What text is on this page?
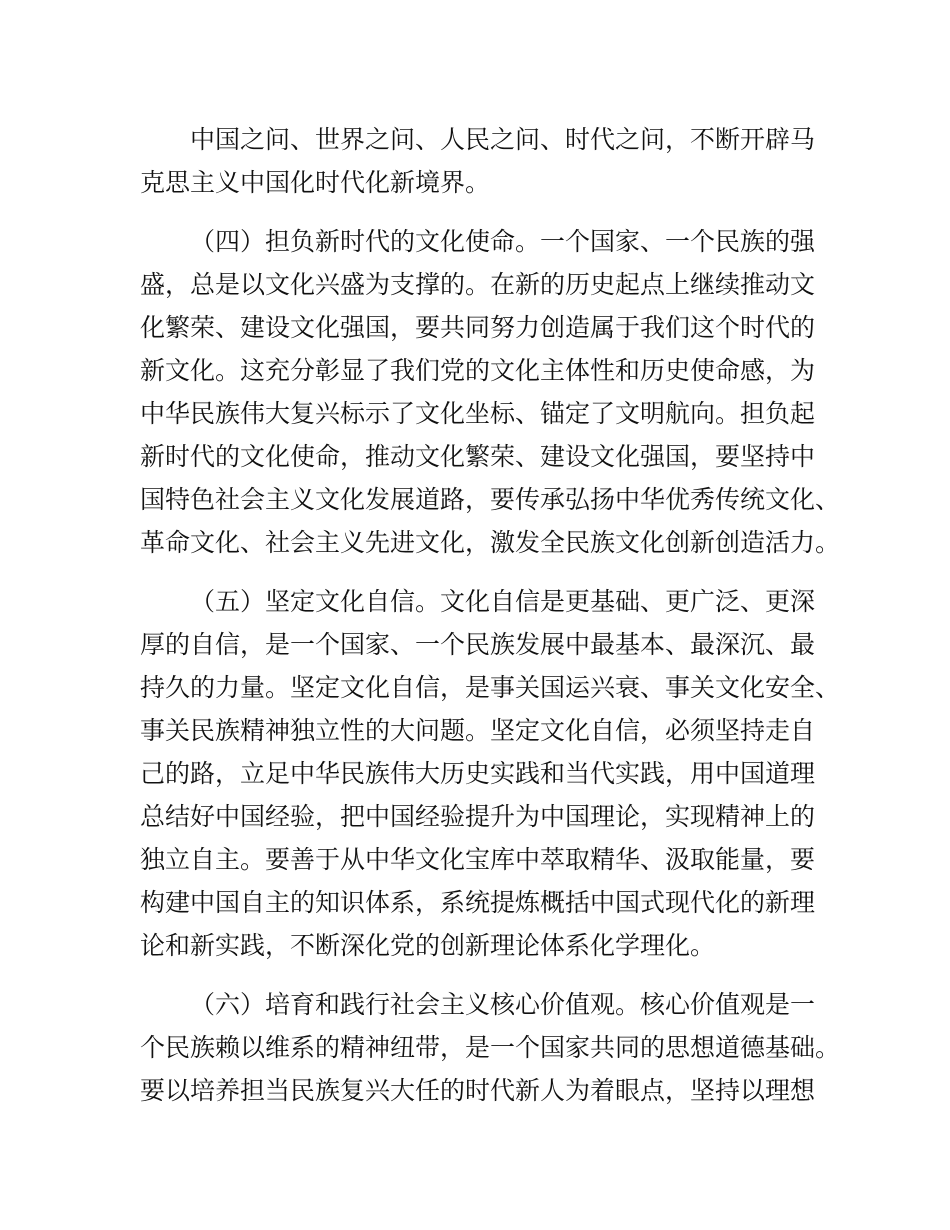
中国之问、世界之问、人民之问、时代之问，不断开辟马
克思主义中国化时代化新境界。

（四）担负新时代的文化使命。一个国家、一个民族的强
盛，总是以文化兴盛为支撑的。在新的历史起点上继续推动文
化繁荣、建设文化强国，要共同努力创造属于我们这个时代的
新文化。这充分彰显了我们党的文化主体性和历史使命感，为
中华民族伟大复兴标示了文化坐标、锚定了文明航向。担负起
新时代的文化使命，推动文化繁荣、建设文化强国，要坚持中
国特色社会主义文化发展道路，要传承弘扬中华优秀传统文化、
革命文化、社会主义先进文化，激发全民族文化创新创造活力。

（五）坚定文化自信。文化自信是更基础、更广泛、更深
厚的自信，是一个国家、一个民族发展中最基本、最深沉、最
持久的力量。坚定文化自信，是事关国运兴衰、事关文化安全、
事关民族精神独立性的大问题。坚定文化自信，必须坚持走自
己的路，立足中华民族伟大历史实践和当代实践，用中国道理
总结好中国经验，把中国经验提升为中国理论，实现精神上的
独立自主。要善于从中华文化宝库中萃取精华、汲取能量，要
构建中国自主的知识体系，系统提炼概括中国式现代化的新理
论和新实践，不断深化党的创新理论体系化学理化。

（六）培育和践行社会主义核心价值观。核心价值观是一
个民族赖以维系的精神纽带，是一个国家共同的思想道德基础。
要以培养担当民族复兴大任的时代新人为着眼点，坚持以理想
